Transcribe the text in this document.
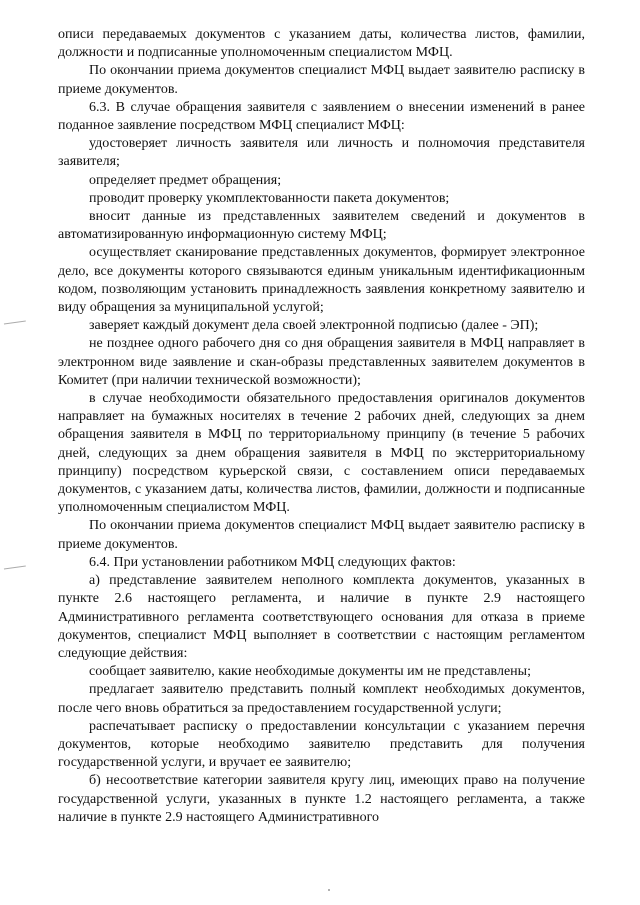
описи передаваемых документов с указанием даты, количества листов, фамилии, должности и подписанные уполномоченным специалистом МФЦ.

По окончании приема документов специалист МФЦ выдает заявителю расписку в приеме документов.

6.3. В случае обращения заявителя с заявлением о внесении изменений в ранее поданное заявление посредством МФЦ специалист МФЦ:

удостоверяет личность заявителя или личность и полномочия представителя заявителя;

определяет предмет обращения;

проводит проверку укомплектованности пакета документов;

вносит данные из представленных заявителем сведений и документов в автоматизированную информационную систему МФЦ;

осуществляет сканирование представленных документов, формирует электронное дело, все документы которого связываются единым уникальным идентификационным кодом, позволяющим установить принадлежность заявления конкретному заявителю и виду обращения за муниципальной услугой;

заверяет каждый документ дела своей электронной подписью (далее - ЭП);

не позднее одного рабочего дня со дня обращения заявителя в МФЦ направляет в электронном виде заявление и скан-образы представленных заявителем документов в Комитет (при наличии технической возможности);

в случае необходимости обязательного предоставления оригиналов документов направляет на бумажных носителях в течение 2 рабочих дней, следующих за днем обращения заявителя в МФЦ по территориальному принципу (в течение 5 рабочих дней, следующих за днем обращения заявителя в МФЦ по экстерриториальному принципу) посредством курьерской связи, с составлением описи передаваемых документов, с указанием даты, количества листов, фамилии, должности и подписанные уполномоченным специалистом МФЦ.

По окончании приема документов специалист МФЦ выдает заявителю расписку в приеме документов.

6.4. При установлении работником МФЦ следующих фактов:

а) представление заявителем неполного комплекта документов, указанных в пункте 2.6 настоящего регламента, и наличие в пункте 2.9 настоящего Административного регламента соответствующего основания для отказа в приеме документов, специалист МФЦ выполняет в соответствии с настоящим регламентом следующие действия:

сообщает заявителю, какие необходимые документы им не представлены;

предлагает заявителю представить полный комплект необходимых документов, после чего вновь обратиться за предоставлением государственной услуги;

распечатывает расписку о предоставлении консультации с указанием перечня документов, которые необходимо заявителю представить для получения государственной услуги, и вручает ее заявителю;

б) несоответствие категории заявителя кругу лиц, имеющих право на получение государственной услуги, указанных в пункте 1.2 настоящего регламента, а также наличие в пункте 2.9 настоящего Административного
